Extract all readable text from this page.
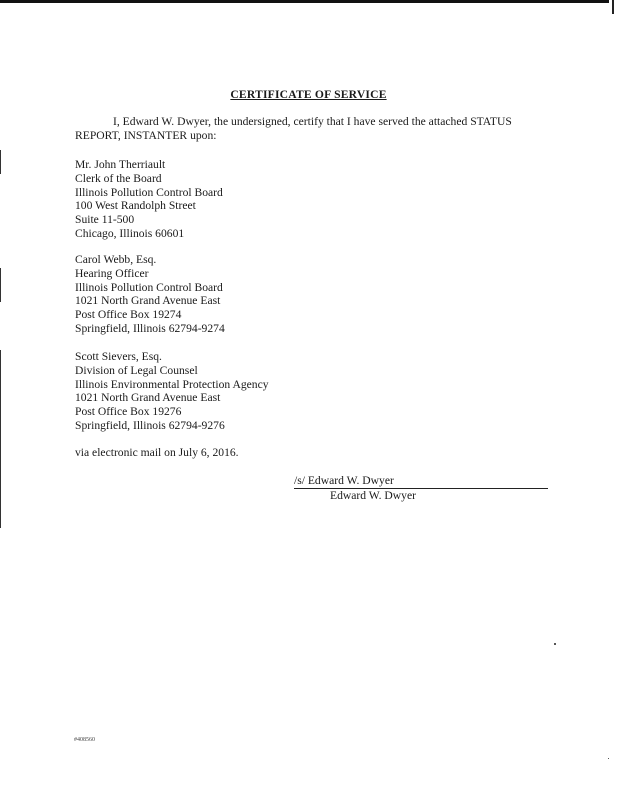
CERTIFICATE OF SERVICE

I, Edward W. Dwyer, the undersigned, certify that I have served the attached STATUS REPORT, INSTANTER upon:

Mr. John Therriault
Clerk of the Board
Illinois Pollution Control Board
100 West Randolph Street
Suite 11-500
Chicago, Illinois 60601
Carol Webb, Esq.
Hearing Officer
Illinois Pollution Control Board
1021 North Grand Avenue East
Post Office Box 19274
Springfield, Illinois 62794-9274
Scott Sievers, Esq.
Division of Legal Counsel
Illinois Environmental Protection Agency
1021 North Grand Avenue East
Post Office Box 19276
Springfield, Illinois 62794-9276

via electronic mail on July 6, 2016.

/s/ Edward W. Dwyer
Edward W. Dwyer
#408560
